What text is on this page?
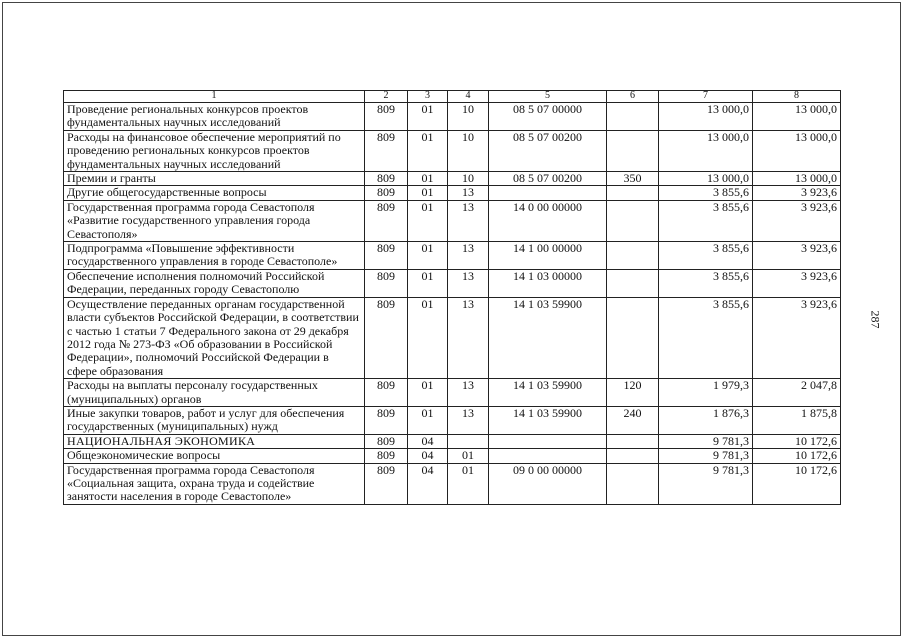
287
1	2	3	4	5	6	7	8
Проведение региональных конкурсов проектов фундаментальных научных исследований	809	01	10	08 5 07 00000		13 000,0	13 000,0
Расходы на финансовое обеспечение мероприятий по проведению региональных конкурсов проектов фундаментальных научных исследований	809	01	10	08 5 07 00200		13 000,0	13 000,0
Премии и гранты	809	01	10	08 5 07 00200	350	13 000,0	13 000,0
Другие общегосударственные вопросы	809	01	13			3 855,6	3 923,6
Государственная программа города Севастополя «Развитие государственного управления города Севастополя»	809	01	13	14 0 00 00000		3 855,6	3 923,6
Подпрограмма «Повышение эффективности государственного управления в городе Севастополе»	809	01	13	14 1 00 00000		3 855,6	3 923,6
Обеспечение исполнения полномочий Российской Федерации, переданных городу Севастополю	809	01	13	14 1 03 00000		3 855,6	3 923,6
Осуществление переданных органам государственной власти субъектов Российской Федерации, в соответствии с частью 1 статьи 7 Федерального закона от 29 декабря 2012 года № 273-ФЗ «Об образовании в Российской Федерации», полномочий Российской Федерации в сфере образования	809	01	13	14 1 03 59900		3 855,6	3 923,6
Расходы на выплаты персоналу государственных (муниципальных) органов	809	01	13	14 1 03 59900	120	1 979,3	2 047,8
Иные закупки товаров, работ и услуг для обеспечения государственных (муниципальных) нужд	809	01	13	14 1 03 59900	240	1 876,3	1 875,8
НАЦИОНАЛЬНАЯ ЭКОНОМИКА	809	04				9 781,3	10 172,6
Общеэкономические вопросы	809	04	01			9 781,3	10 172,6
Государственная программа города Севастополя «Социальная защита, охрана труда и содействие занятости населения в городе Севастополе»	809	04	01	09 0 00 00000		9 781,3	10 172,6
